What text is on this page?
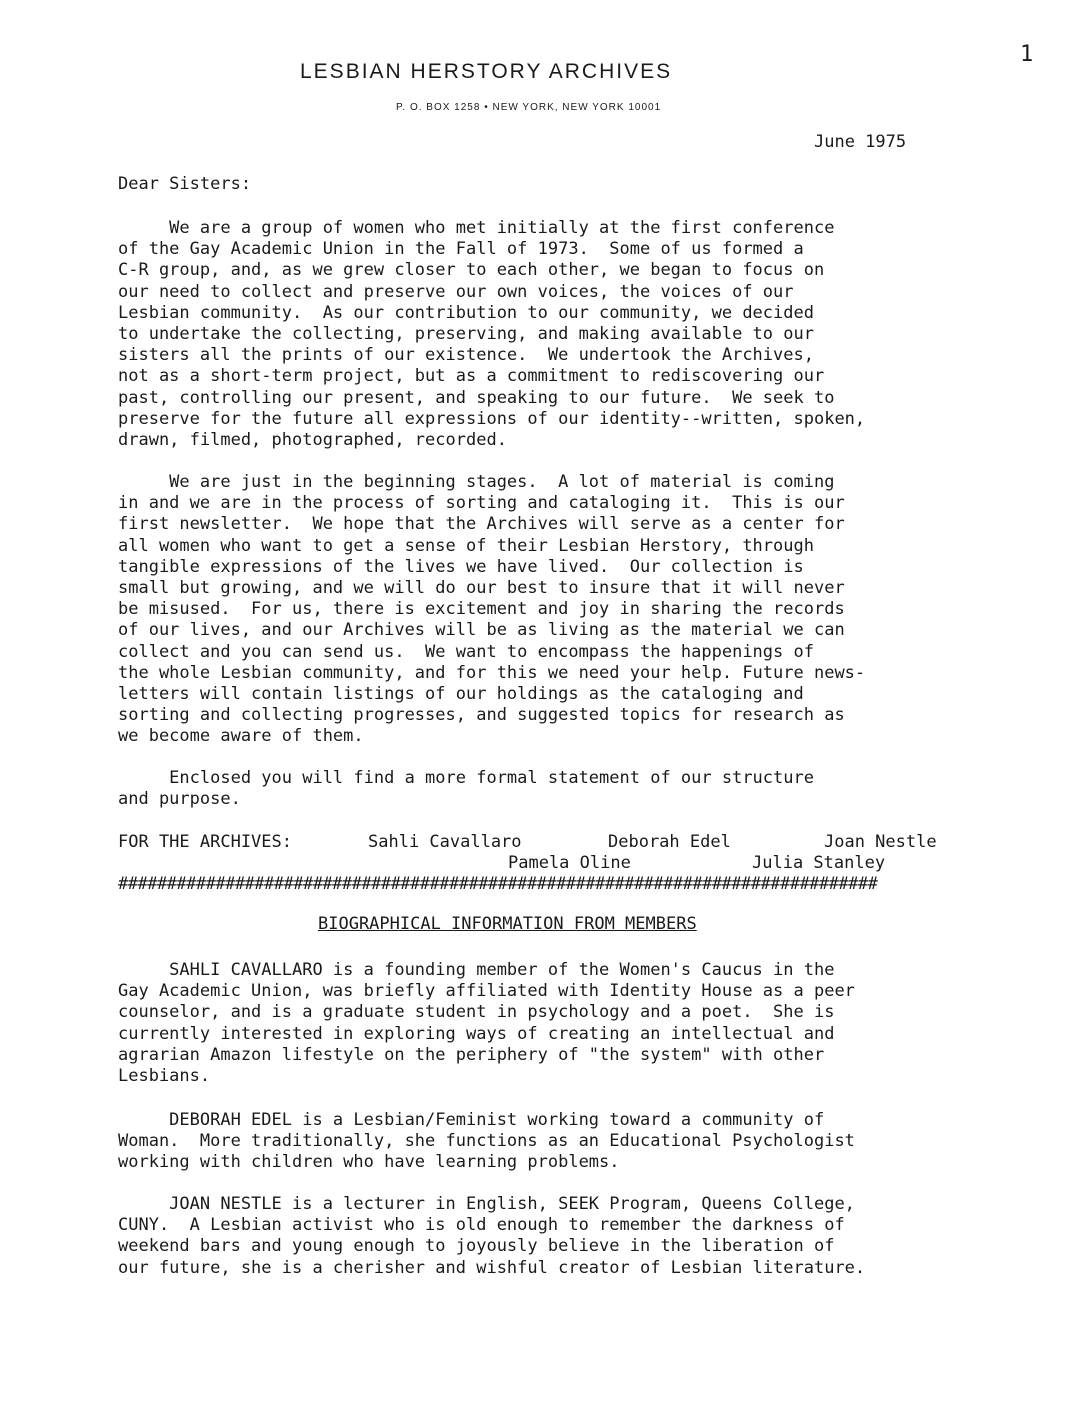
1
LESBIAN HERSTORY ARCHIVES
P. O. BOX 1258 • NEW YORK, NEW YORK 10001
June 1975
Dear Sisters:
We are a group of women who met initially at the first conference
of the Gay Academic Union in the Fall of 1973.  Some of us formed a
C-R group, and, as we grew closer to each other, we began to focus on
our need to collect and preserve our own voices, the voices of our
Lesbian community.  As our contribution to our community, we decided
to undertake the collecting, preserving, and making available to our
sisters all the prints of our existence.  We undertook the Archives,
not as a short-term project, but as a commitment to rediscovering our
past, controlling our present, and speaking to our future.  We seek to
preserve for the future all expressions of our identity--written, spoken,
drawn, filmed, photographed, recorded.
We are just in the beginning stages.  A lot of material is coming
in and we are in the process of sorting and cataloging it.  This is our
first newsletter.  We hope that the Archives will serve as a center for
all women who want to get a sense of their Lesbian Herstory, through
tangible expressions of the lives we have lived.  Our collection is
small but growing, and we will do our best to insure that it will never
be misused.  For us, there is excitement and joy in sharing the records
of our lives, and our Archives will be as living as the material we can
collect and you can send us.  We want to encompass the happenings of
the whole Lesbian community, and for this we need your help. Future news-
letters will contain listings of our holdings as the cataloging and
sorting and collecting progresses, and suggested topics for research as
we become aware of them.
Enclosed you will find a more formal statement of our structure
and purpose.
FOR THE ARCHIVES:	Sahli Cavallaro	Deborah Edel	Joan Nestle
Pamela Oline	Julia Stanley
##############################################################################
BIOGRAPHICAL INFORMATION FROM MEMBERS
SAHLI CAVALLARO is a founding member of the Women's Caucus in the
Gay Academic Union, was briefly affiliated with Identity House as a peer
counselor, and is a graduate student in psychology and a poet.  She is
currently interested in exploring ways of creating an intellectual and
agrarian Amazon lifestyle on the periphery of "the system" with other
Lesbians.
DEBORAH EDEL is a Lesbian/Feminist working toward a community of
Woman.  More traditionally, she functions as an Educational Psychologist
working with children who have learning problems.
JOAN NESTLE is a lecturer in English, SEEK Program, Queens College,
CUNY.  A Lesbian activist who is old enough to remember the darkness of
weekend bars and young enough to joyously believe in the liberation of
our future, she is a cherisher and wishful creator of Lesbian literature.
